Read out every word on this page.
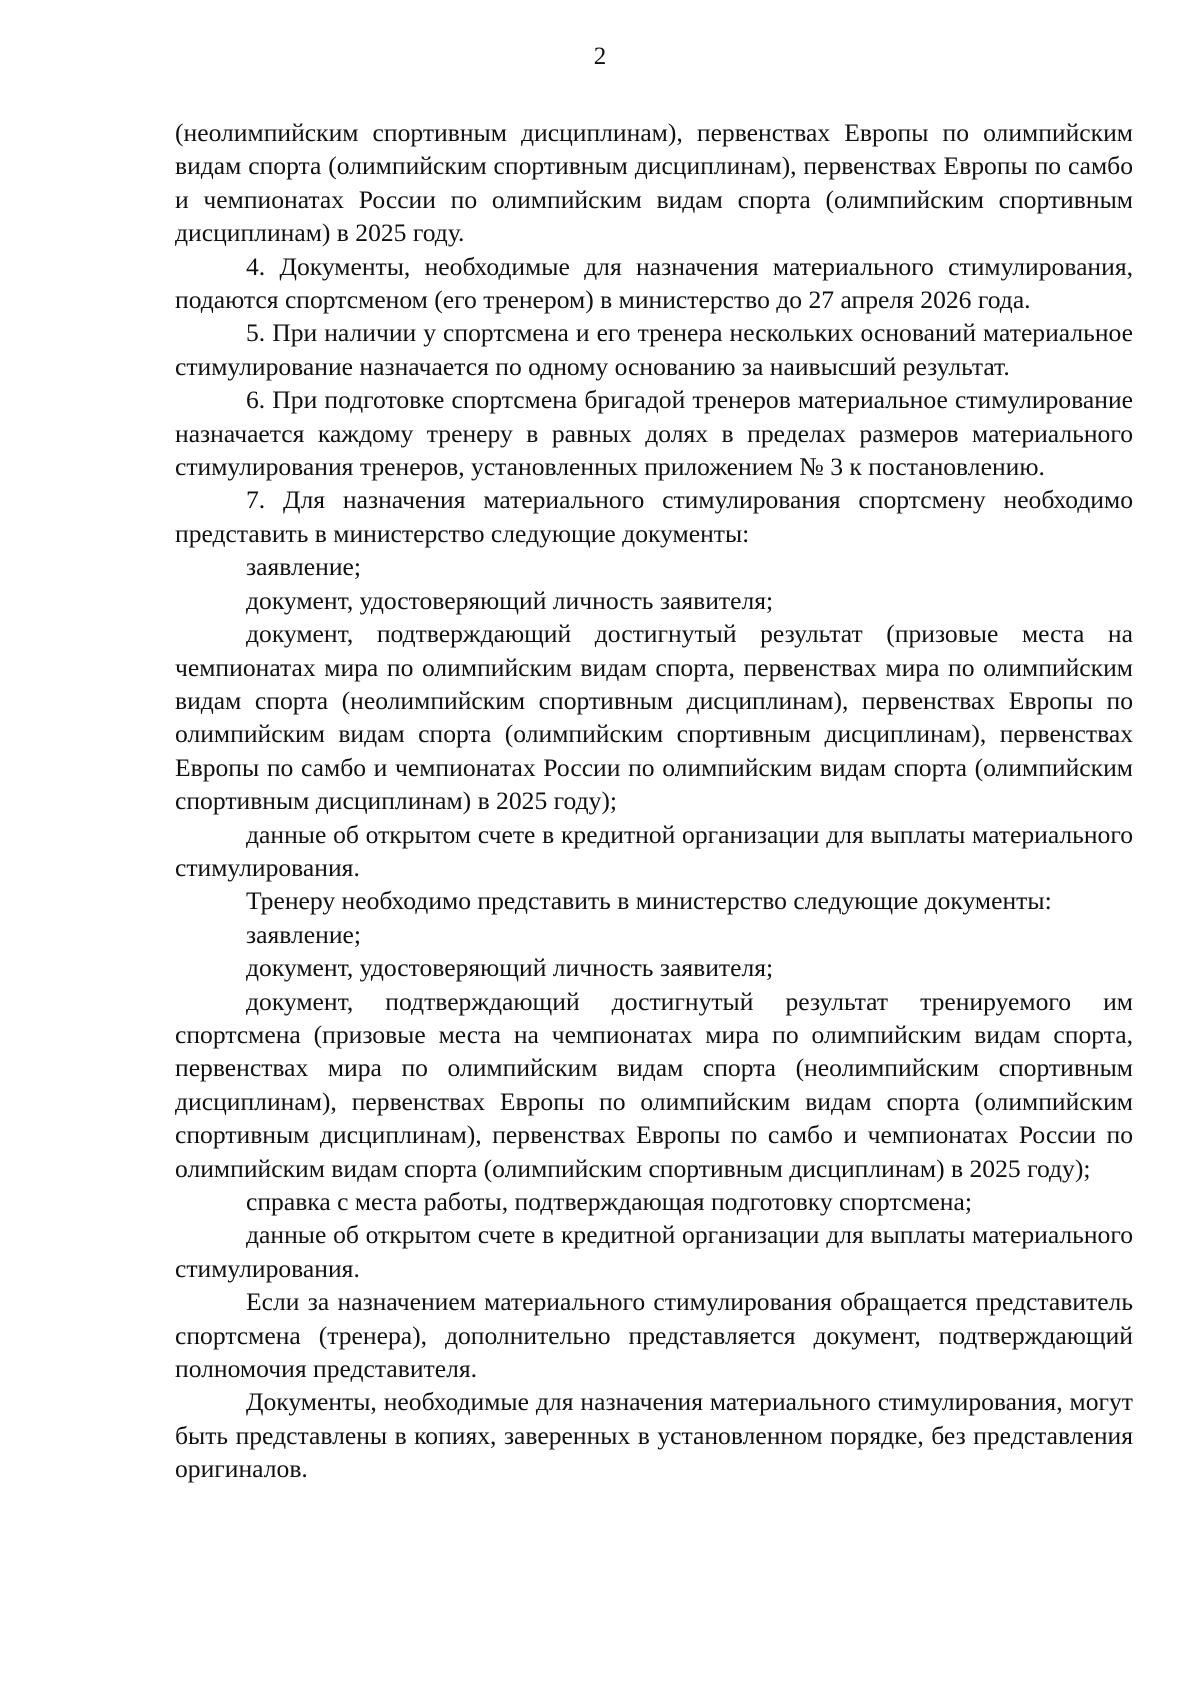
2

(неолимпийским спортивным дисциплинам), первенствах Европы по олимпийским видам спорта (олимпийским спортивным дисциплинам), первенствах Европы по самбо и чемпионатах России по олимпийским видам спорта (олимпийским спортивным дисциплинам) в 2025 году.

4. Документы, необходимые для назначения материального стимулирования, подаются спортсменом (его тренером) в министерство до 27 апреля 2026 года.

5. При наличии у спортсмена и его тренера нескольких оснований материальное стимулирование назначается по одному основанию за наивысший результат.

6. При подготовке спортсмена бригадой тренеров материальное стимулирование назначается каждому тренеру в равных долях в пределах размеров материального стимулирования тренеров, установленных приложением № 3 к постановлению.

7. Для назначения материального стимулирования спортсмену необходимо представить в министерство следующие документы:

заявление;

документ, удостоверяющий личность заявителя;

документ, подтверждающий достигнутый результат (призовые места на чемпионатах мира по олимпийским видам спорта, первенствах мира по олимпийским видам спорта (неолимпийским спортивным дисциплинам), первенствах Европы по олимпийским видам спорта (олимпийским спортивным дисциплинам), первенствах Европы по самбо и чемпионатах России по олимпийским видам спорта (олимпийским спортивным дисциплинам) в 2025 году);

данные об открытом счете в кредитной организации для выплаты материального стимулирования.

Тренеру необходимо представить в министерство следующие документы:

заявление;

документ, удостоверяющий личность заявителя;

документ, подтверждающий достигнутый результат тренируемого им спортсмена (призовые места на чемпионатах мира по олимпийским видам спорта, первенствах мира по олимпийским видам спорта (неолимпийским спортивным дисциплинам), первенствах Европы по олимпийским видам спорта (олимпийским спортивным дисциплинам), первенствах Европы по самбо и чемпионатах России по олимпийским видам спорта (олимпийским спортивным дисциплинам) в 2025 году);

справка с места работы, подтверждающая подготовку спортсмена;

данные об открытом счете в кредитной организации для выплаты материального стимулирования.

Если за назначением материального стимулирования обращается представитель спортсмена (тренера), дополнительно представляется документ, подтверждающий полномочия представителя.

Документы, необходимые для назначения материального стимулирования, могут быть представлены в копиях, заверенных в установленном порядке, без представления оригиналов.
